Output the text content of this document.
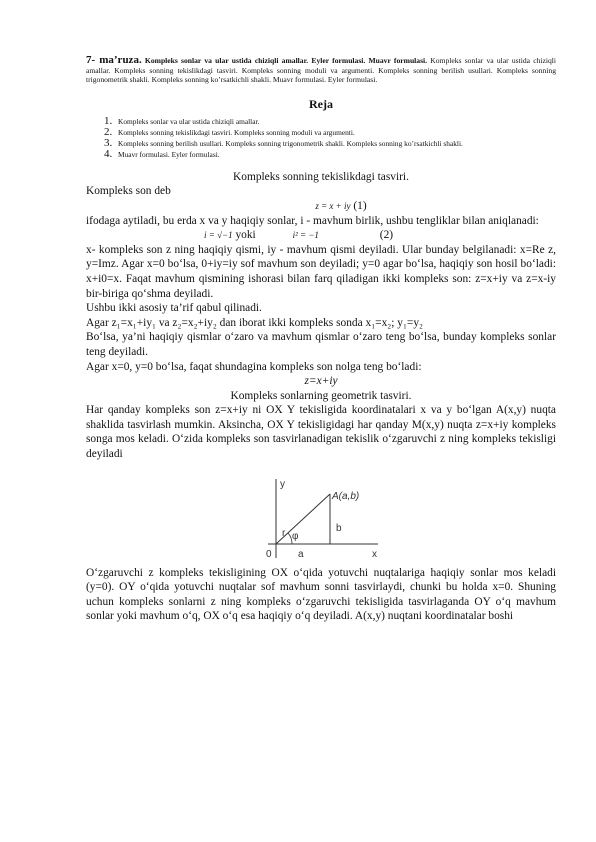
7- ma’ruza. Kompleks sonlar va ular ustida chiziqli amallar. Eyler formulasi. Muavr formulasi. Kompleks sonlar va ular ustida chiziqli amallar. Kompleks sonning tekislikdagi tasviri. Kompleks sonning moduli va argumenti. Kompleks sonning berilish usullari. Kompleks sonning trigonometrik shakli. Kompleks sonning ko’rsatkichli shakli. Muavr formulasi. Eyler formulasi.

Reja
1. Kompleks sonlar va ular ustida chiziqli amallar.
2. Kompleks sonning tekislikdagi tasviri. Kompleks sonning moduli va argumenti.
3. Kompleks sonning berilish usullari. Kompleks sonning trigonometrik shakli. Kompleks sonning ko’rsatkichli shakli.
4. Muavr formulasi. Eyler formulasi.
Kompleks sonning tekislikdagi tasviri.
Kompleks son deb
z = x + iy (1)
ifodaga aytiladi, bu erda x va y haqiqiy sonlar, i - mavhum birlik, ushbu tengliklar bilan aniqlanadi:
i = √−1 yoki	i² = −1	(2)
x- kompleks son z ning haqiqiy qismi, iy - mavhum qismi deyiladi. Ular bunday belgilanadi: x=Re z, y=Imz. Agar x=0 bo‘lsa, 0+iy=iy sof mavhum son deyiladi; y=0 agar bo‘lsa, haqiqiy son hosil bo‘ladi: x+i0=x. Faqat mavhum qismining ishorasi bilan farq qiladigan ikki kompleks son: z=x+iy va z=x-iy bir-biriga qo‘shma deyiladi.
Ushbu ikki asosiy ta’rif qabul qilinadi.
Agar z₁=x₁+iy₁ va z₂=x₂+iy₂ dan iborat ikki kompleks sonda x₁=x₂; y₁=y₂
Bo‘lsa, ya’ni haqiqiy qismlar o‘zaro va mavhum qismlar o‘zaro teng bo‘lsa, bunday kompleks sonlar teng deyiladi.
Agar x=0, y=0 bo‘lsa, faqat shundagina kompleks son nolga teng bo‘ladi:
z=x+iy
Kompleks sonlarning geometrik tasviri.
Har qanday kompleks son z=x+iy ni OX Y tekisligida koordinatalari x va y bo‘lgan A(x,y) nuqta shaklida tasvirlash mumkin. Aksincha, OX Y tekisligidagi har qanday M(x,y) nuqta z=x+iy kompleks songa mos keladi. O‘zida kompleks son tasvirlanadigan tekislik o‘zgaruvchi z ning kompleks tekisligi deyiladi
y
x
0
A(a,b)
r φ
a
b
O‘zgaruvchi z kompleks tekisligining OX o‘qida yotuvchi nuqtalariga haqiqiy sonlar mos keladi (y=0). OY o‘qida yotuvchi nuqtalar sof mavhum sonni tasvirlaydi, chunki bu holda x=0. Shuning uchun kompleks sonlarni z ning kompleks o‘zgaruvchi tekisligida tasvirlaganda OY o‘q mavhum sonlar yoki mavhum o‘q, OX o‘q esa haqiqiy o‘q deyiladi. A(x,y) nuqtani koordinatalar boshi
